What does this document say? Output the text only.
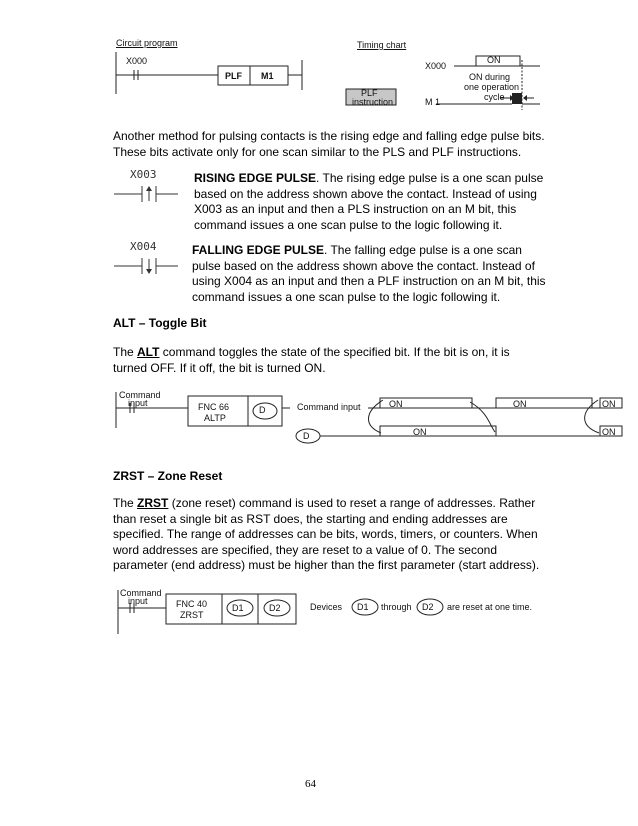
Circuit program
X000
PLF M1
Timing chart
X000
ON
ON during
one operation
cycle
PLF
instruction	M 1
Another method for pulsing contacts is the rising edge and falling edge pulse bits.
These bits activate only for one scan similar to the PLS and PLF instructions.
X003	RISING EDGE PULSE. The rising edge pulse is a one scan pulse
based on the address shown above the contact. Instead of using
X003 as an input and then a PLS instruction on an M bit, this
command issues a one scan pulse to the logic following it.
X004	FALLING EDGE PULSE. The falling edge pulse is a one scan
pulse based on the address shown above the contact. Instead of
using X004 as an input and then a PLF instruction on an M bit, this
command issues a one scan pulse to the logic following it.
ALT – Toggle Bit
The ALT command toggles the state of the specified bit. If the bit is on, it is
turned OFF. If it off, the bit is turned ON.
Command
input	FNC 66
ALTP
D	Command input	ON	ON	ON
D	ON	ON
ZRST – Zone Reset
The ZRST (zone reset) command is used to reset a range of addresses. Rather
than reset a single bit as RST does, the starting and ending addresses are
specified. The range of addresses can be bits, words, timers, or counters. When
word addresses are specified, they are reset to a value of 0. The second
parameter (end address) must be higher than the first parameter (start address).
Command
input	FNC 40
ZRST
D1	D2	Devices D1 through D2 are reset at one time.
64
